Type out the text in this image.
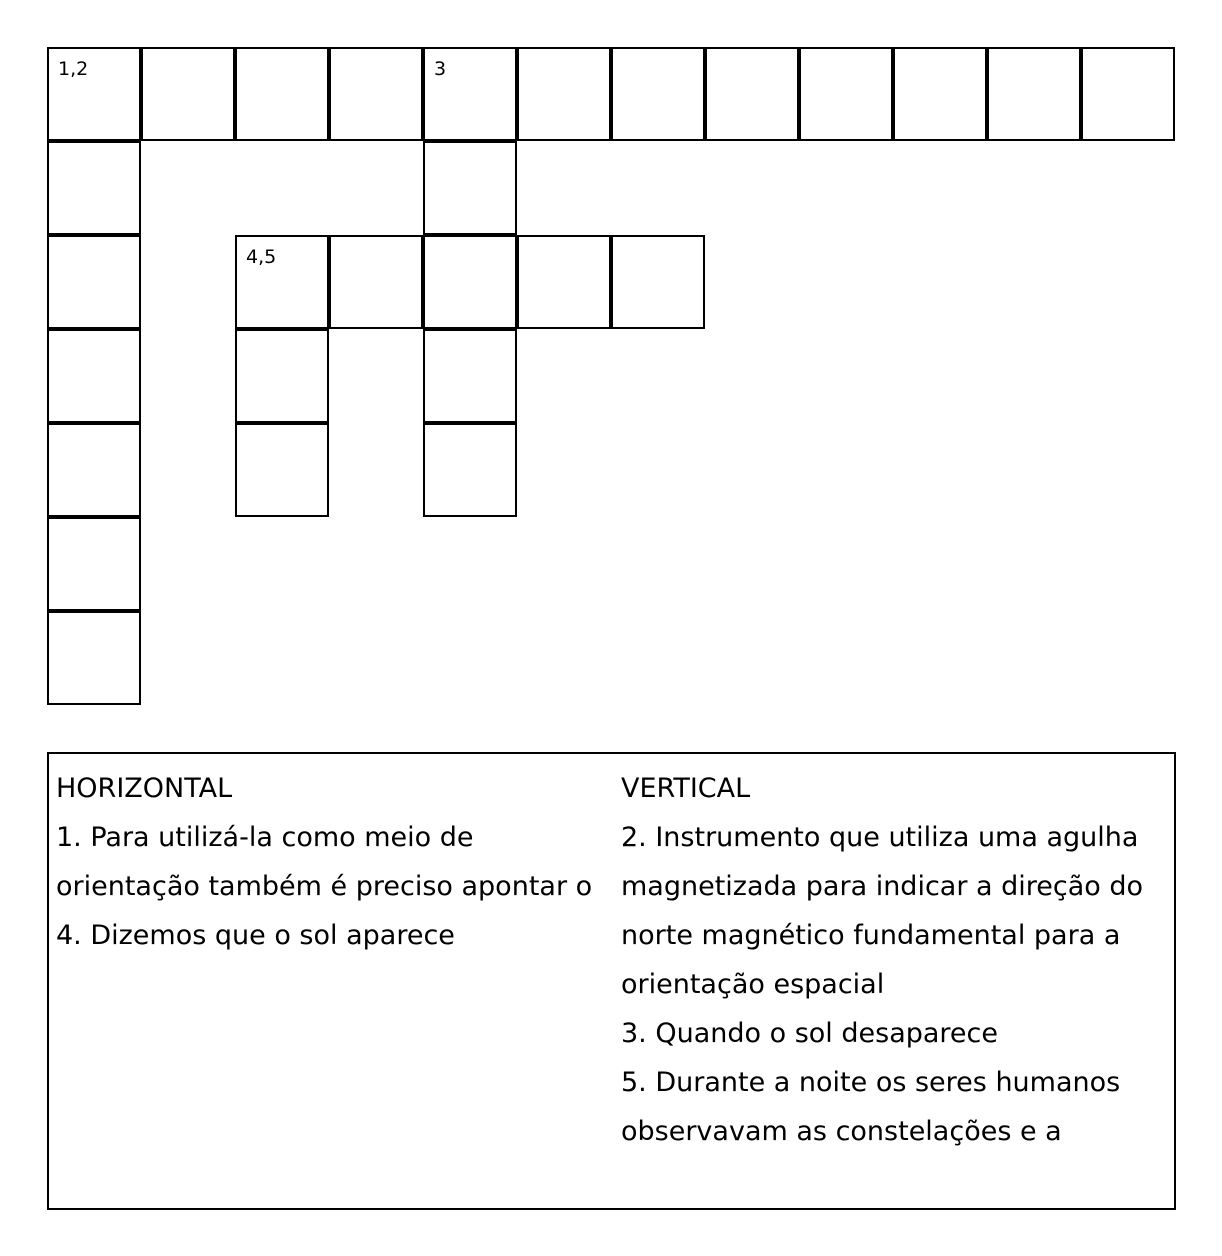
1,2	3
4,5
HORIZONTAL
1. Para utilizá-la como meio de
orientação também é preciso apontar o
4. Dizemos que o sol aparece
VERTICAL
2. Instrumento que utiliza uma agulha
magnetizada para indicar a direção do
norte magnético fundamental para a
orientação espacial
3. Quando o sol desaparece
5. Durante a noite os seres humanos
observavam as constelações e a
